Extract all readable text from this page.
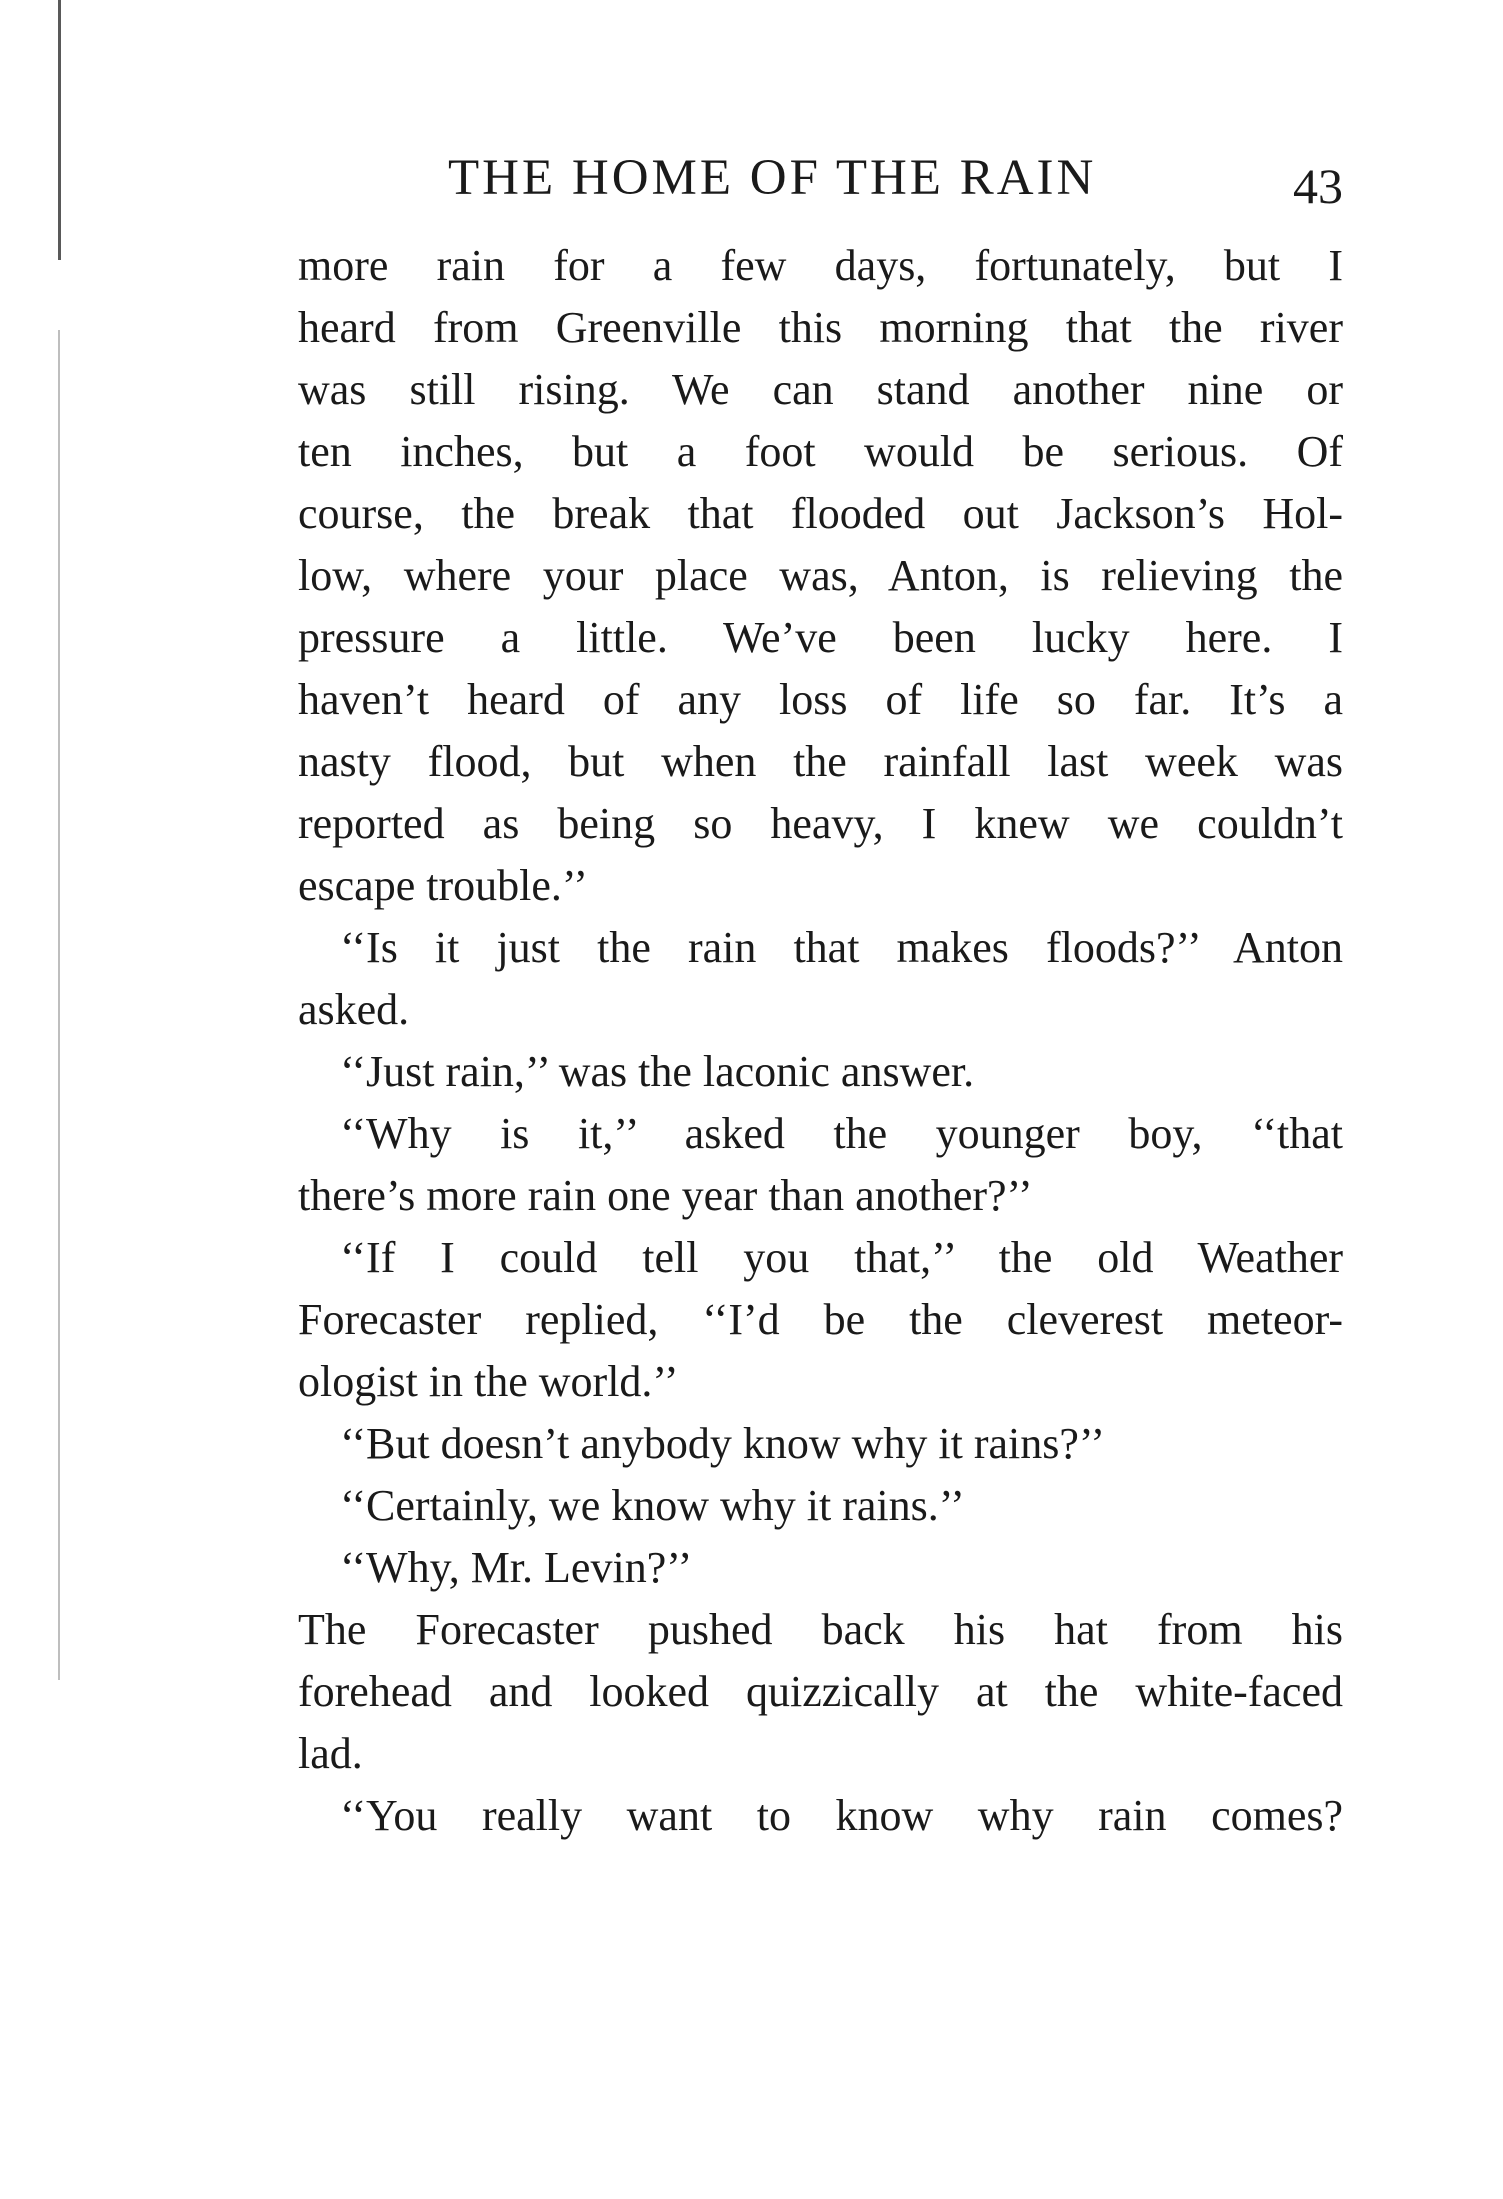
THE HOME OF THE RAIN	43
more rain for a few days, fortunately, but I
heard from Greenville this morning that the river
was still rising. We can stand another nine or
ten inches, but a foot would be serious. Of
course, the break that flooded out Jackson’s Hol-
low, where your place was, Anton, is relieving the
pressure a little. We’ve been lucky here. I
haven’t heard of any loss of life so far. It’s a
nasty flood, but when the rainfall last week was
reported as being so heavy, I knew we couldn’t
escape trouble.’’
‘‘Is it just the rain that makes floods?’’ Anton
asked.
‘‘Just rain,’’ was the laconic answer.
‘‘Why is it,’’ asked the younger boy, ‘‘that
there’s more rain one year than another?’’
‘‘If I could tell you that,’’ the old Weather
Forecaster replied, ‘‘I’d be the cleverest meteor-
ologist in the world.’’
‘‘But doesn’t anybody know why it rains?’’
‘‘Certainly, we know why it rains.’’
‘‘Why, Mr. Levin?’’
The Forecaster pushed back his hat from his
forehead and looked quizzically at the white-faced
lad.
‘‘You really want to know why rain comes?
